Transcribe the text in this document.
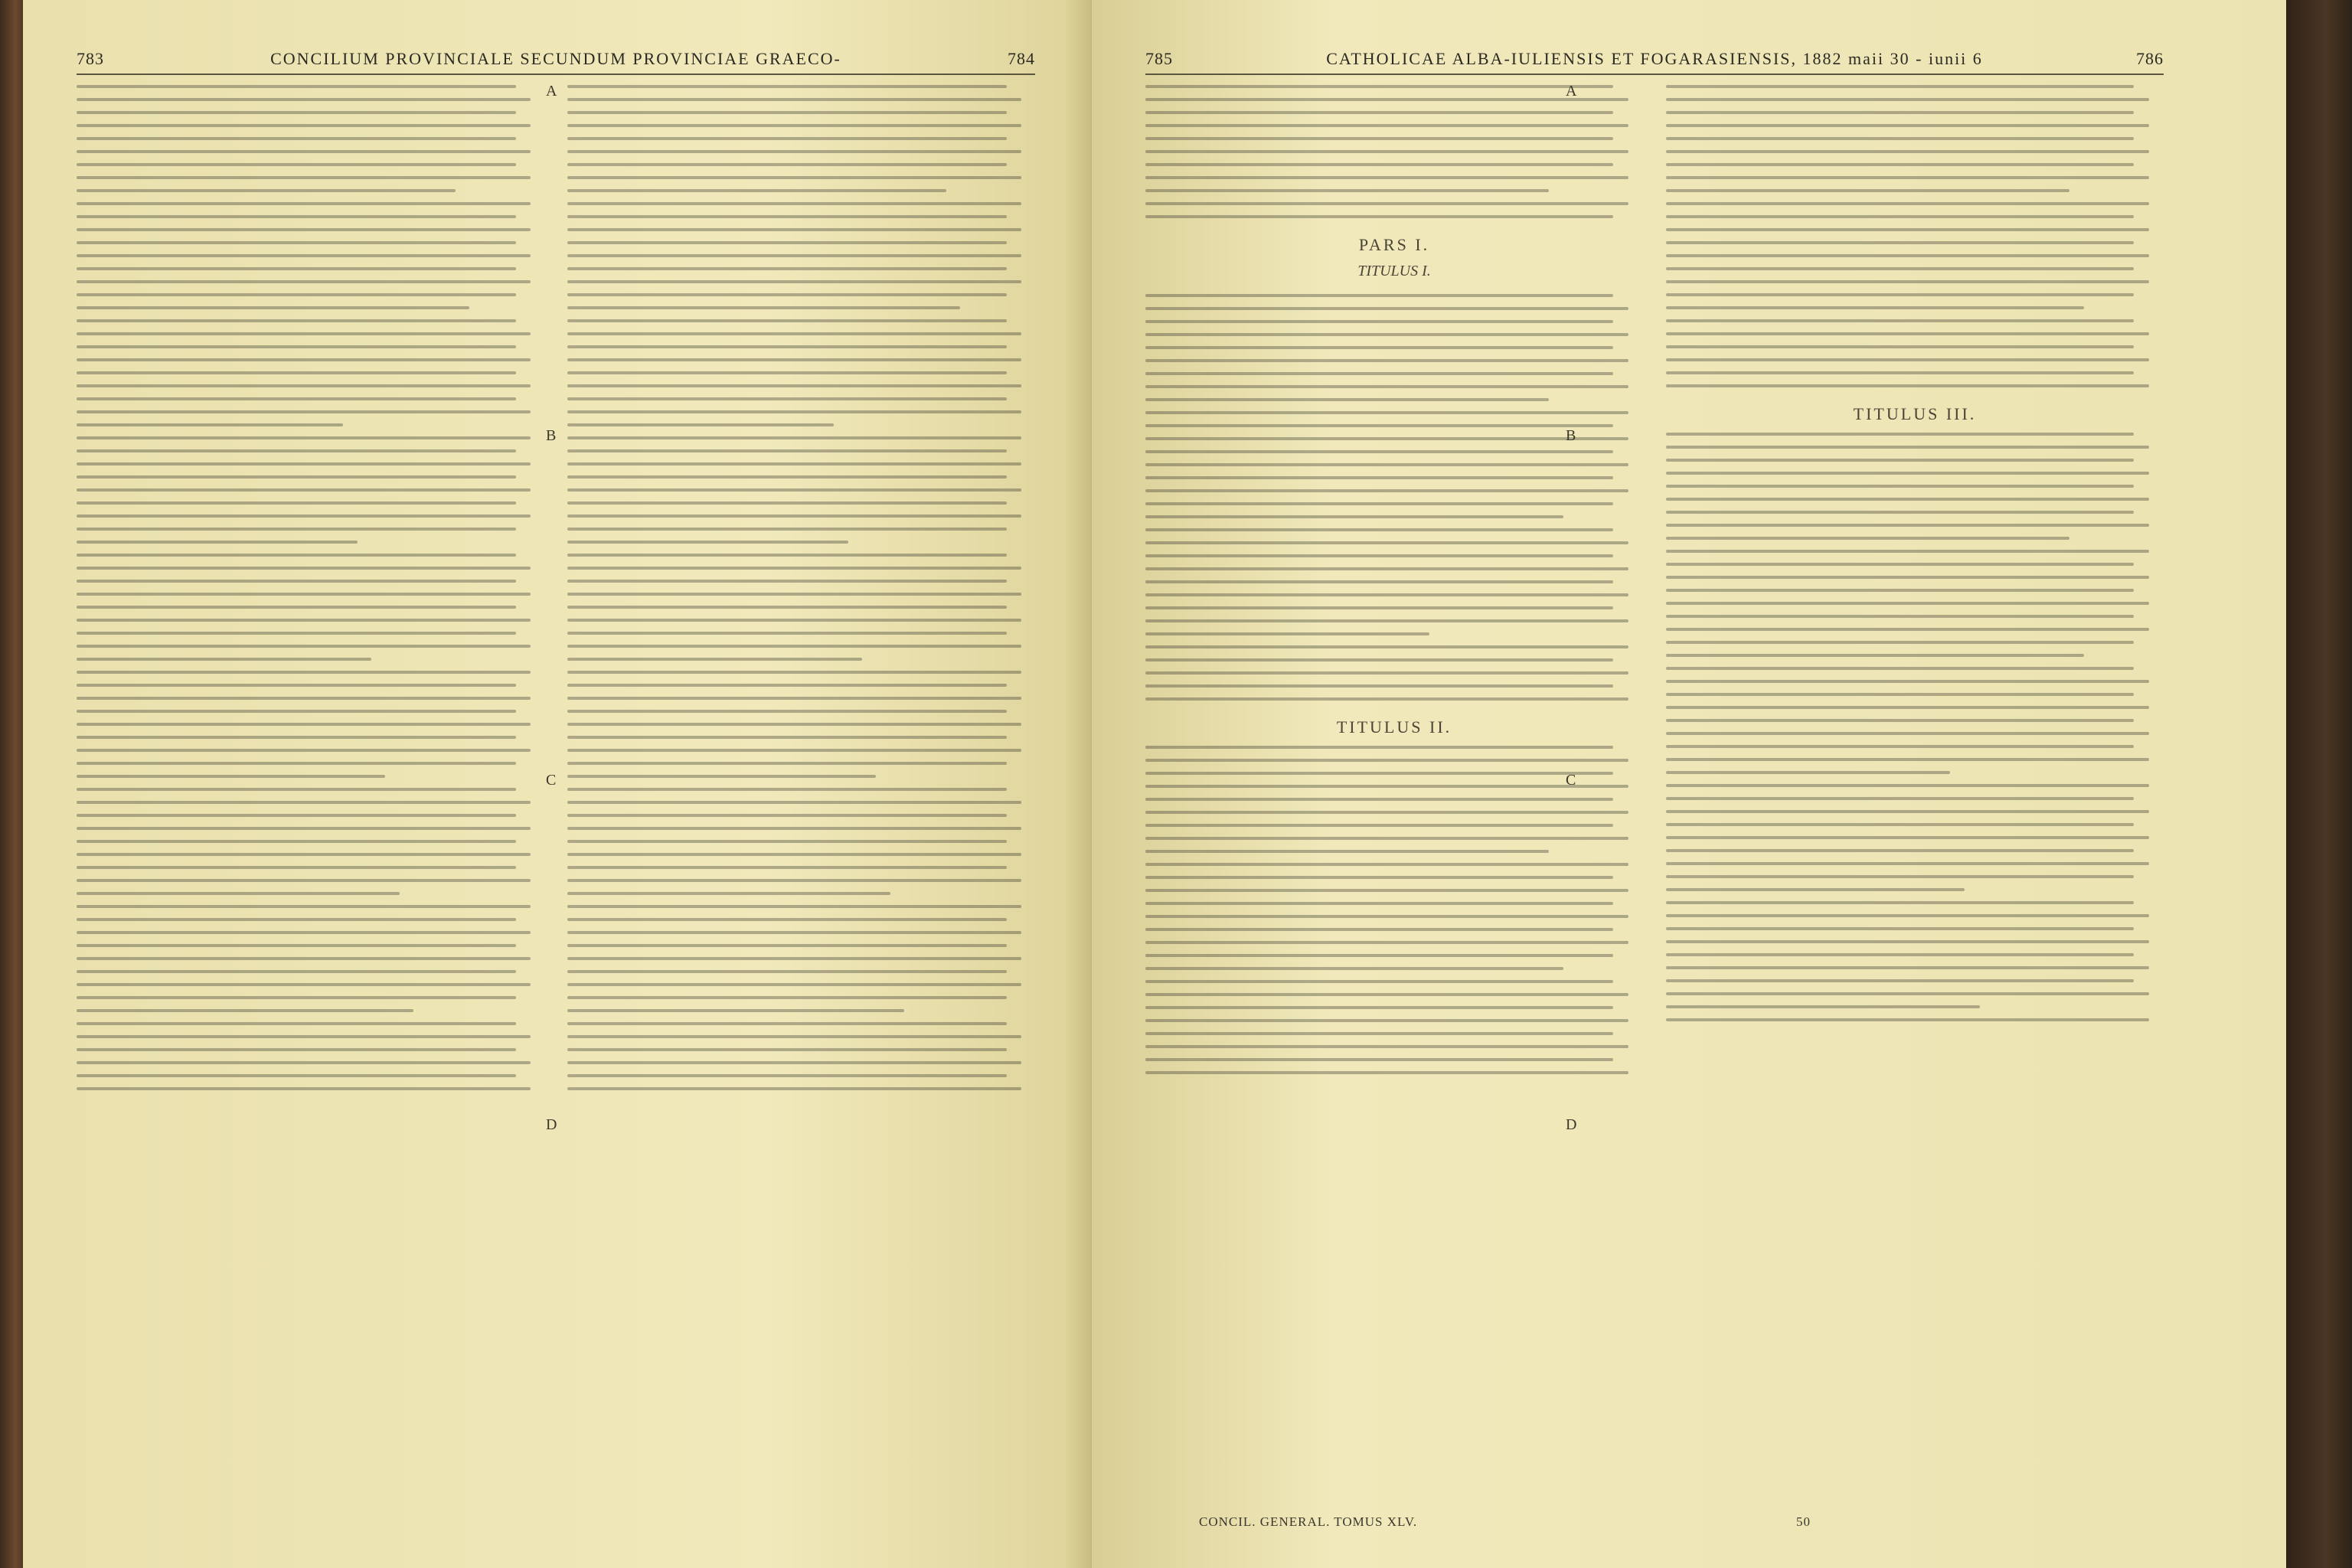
783	CONCILIUM PROVINCIALE SECUNDUM PROVINCIAE GRAECO-	784
A
B
C
D
785	CATHOLICAE ALBA-IULIENSIS ET FOGARASIENSIS, 1882 maii 30 - iunii 6	786
PARS I.
TITULUS I.
TITULUS II.
TITULUS III.
A
B
C
D
CONCIL. GENERAL. TOMUS XLV.	50
